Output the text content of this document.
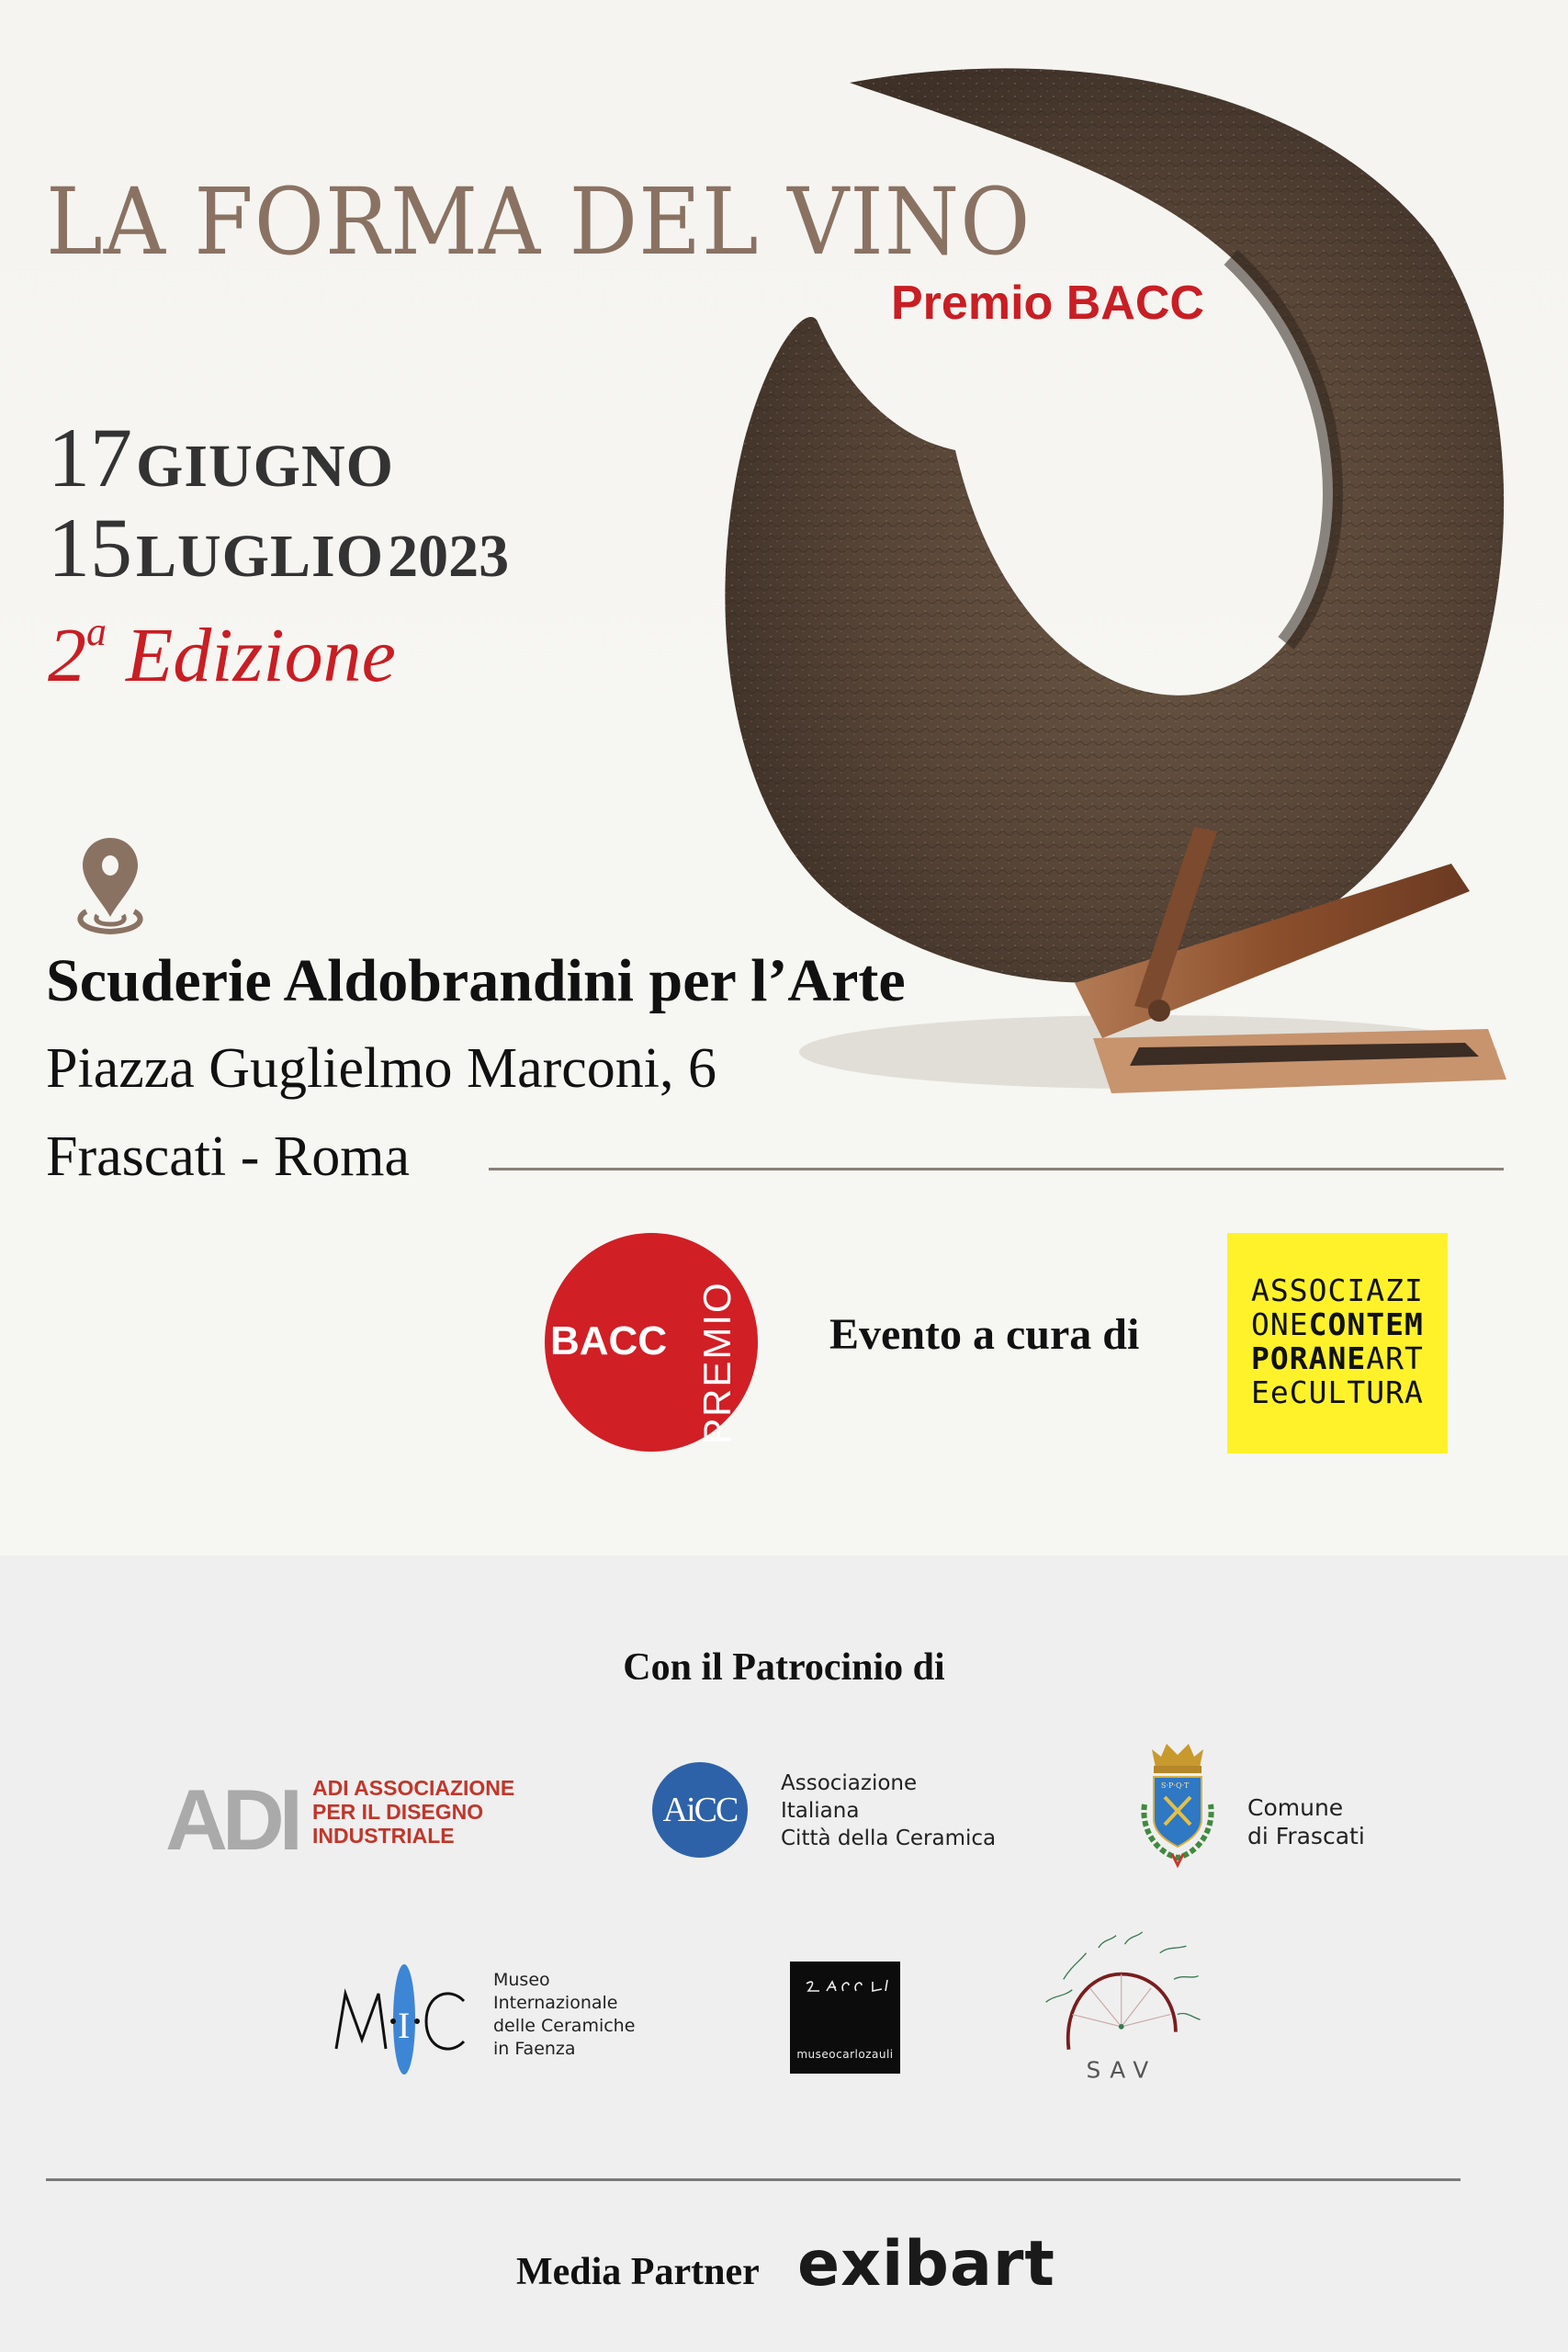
LA FORMA DEL VINO
Premio BACC
17 GIUGNO
15 LUGLIO 2023
2$^a$ Edizione
Scuderie Aldobrandini per l’Arte
Piazza Guglielmo Marconi, 6
Frascati - Roma
BACC PREMIO Evento a cura di
ASSOCIAZI
ONECONTEM
PORANEART
EeCULTURA
Con il Patrocinio di
ADI ADI ASSOCIAZIONE
PER IL DISEGNO
INDUSTRIALE
AiCC
Associazione
Italiana
Città della Ceramica
S·P·Q·T
Comune
di Frascati
I
Museo
Internazionale
delle Ceramiche
in Faenza	museocarlozauli
SAV
Media Partner exibart
